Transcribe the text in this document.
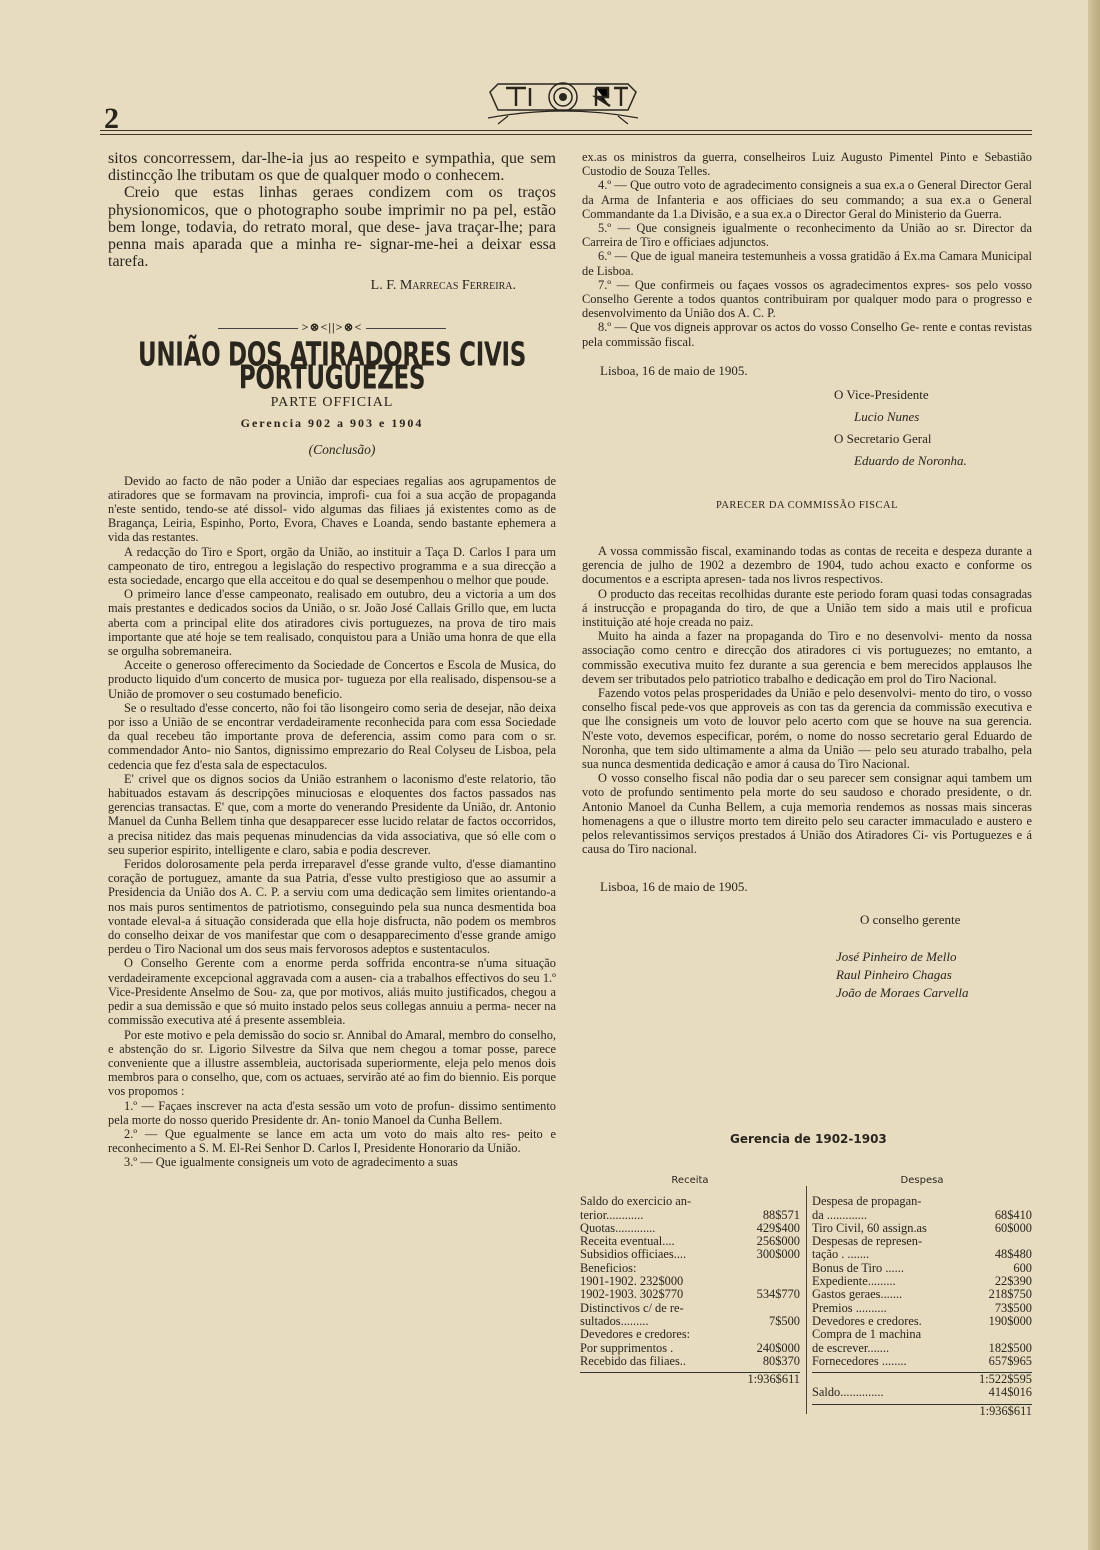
2

sitos concorressem, dar-lhe-ia jus ao respeito e sympathia, que sem distincção lhe tributam os que de qualquer modo o conhecem.

Creio que estas linhas geraes condizem com os traços physionomicos, que o photographo soube imprimir no pa pel, estão bem longe, todavia, do retrato moral, que dese- java traçar-lhe; para penna mais aparada que a minha re- signar-me-hei a deixar essa tarefa.

L. F. Marrecas Ferreira.
>⊗<||>⊗<
UNIÃO DOS ATIRADORES CIVIS PORTUGUEZES
PARTE OFFICIAL
Gerencia 902 a 903 e 1904
(Conclusão)

Devido ao facto de não poder a União dar especiaes regalias aos agrupamentos de atiradores que se formavam na provincia, improfi- cua foi a sua acção de propaganda n'este sentido, tendo-se até dissol- vido algumas das filiaes já existentes como as de Bragança, Leiria, Espinho, Porto, Evora, Chaves e Loanda, sendo bastante ephemera a vida das restantes.

A redacção do Tiro e Sport, orgão da União, ao instituir a Taça D. Carlos I para um campeonato de tiro, entregou a legislação do respectivo programma e a sua direcção a esta sociedade, encargo que ella acceitou e do qual se desempenhou o melhor que poude.

O primeiro lance d'esse campeonato, realisado em outubro, deu a victoria a um dos mais prestantes e dedicados socios da União, o sr. João José Callais Grillo que, em lucta aberta com a principal elite dos atiradores civis portuguezes, na prova de tiro mais importante que até hoje se tem realisado, conquistou para a União uma honra de que ella se orgulha sobremaneira.

Acceite o generoso offerecimento da Sociedade de Concertos e Escola de Musica, do producto liquido d'um concerto de musica por- tugueza por ella realisado, dispensou-se a União de promover o seu costumado beneficio.

Se o resultado d'esse concerto, não foi tão lisongeiro como seria de desejar, não deixa por isso a União de se encontrar verdadeiramente reconhecida para com essa Sociedade da qual recebeu tão importante prova de deferencia, assim como para com o sr. commendador Anto- nio Santos, dignissimo emprezario do Real Colyseu de Lisboa, pela cedencia que fez d'esta sala de espectaculos.

E' crivel que os dignos socios da União estranhem o laconismo d'este relatorio, tão habituados estavam ás descripções minuciosas e eloquentes dos factos passados nas gerencias transactas. E' que, com a morte do venerando Presidente da União, dr. Antonio Manuel da Cunha Bellem tinha que desapparecer esse lucido relatar de factos occorridos, a precisa nitidez das mais pequenas minudencias da vida associativa, que só elle com o seu superior espirito, intelligente e claro, sabia e podia descrever.

Feridos dolorosamente pela perda irreparavel d'esse grande vulto, d'esse diamantino coração de portuguez, amante da sua Patria, d'esse vulto prestigioso que ao assumir a Presidencia da União dos A. C. P. a serviu com uma dedicação sem limites orientando-a nos mais puros sentimentos de patriotismo, conseguindo pela sua nunca desmentida boa vontade eleval-a á situação considerada que ella hoje disfructa, não podem os membros do conselho deixar de vos manifestar que com o desapparecimento d'esse grande amigo perdeu o Tiro Nacional um dos seus mais fervorosos adeptos e sustentaculos.

O Conselho Gerente com a enorme perda soffrida encontra-se n'uma situação verdadeiramente excepcional aggravada com a ausen- cia a trabalhos effectivos do seu 1.º Vice-Presidente Anselmo de Sou- za, que por motivos, aliás muito justificados, chegou a pedir a sua demissão e que só muito instado pelos seus collegas annuiu a perma- necer na commissão executiva até á presente assembleia.

Por este motivo e pela demissão do socio sr. Annibal do Amaral, membro do conselho, e abstenção do sr. Ligorio Silvestre da Silva que nem chegou a tomar posse, parece conveniente que a illustre assembleia, auctorisada superiormente, eleja pelo menos dois membros para o conselho, que, com os actuaes, servirão até ao fim do biennio. Eis porque vos propomos :

1.º — Façaes inscrever na acta d'esta sessão um voto de profun- dissimo sentimento pela morte do nosso querido Presidente dr. An- tonio Manoel da Cunha Bellem.

2.º — Que egualmente se lance em acta um voto do mais alto res- peito e reconhecimento a S. M. El-Rei Senhor D. Carlos I, Presidente Honorario da União.

3.º — Que igualmente consigneis um voto de agradecimento a suas

ex.as os ministros da guerra, conselheiros Luiz Augusto Pimentel Pinto e Sebastião Custodio de Souza Telles.

4.º — Que outro voto de agradecimento consigneis a sua ex.a o General Director Geral da Arma de Infanteria e aos officiaes do seu commando; a sua ex.a o General Commandante da 1.a Divisão, e a sua ex.a o Director Geral do Ministerio da Guerra.

5.º — Que consigneis igualmente o reconhecimento da União ao sr. Director da Carreira de Tiro e officiaes adjunctos.

6.º — Que de igual maneira testemunheis a vossa gratidão á Ex.ma Camara Municipal de Lisboa.

7.º — Que confirmeis ou façaes vossos os agradecimentos expres- sos pelo vosso Conselho Gerente a todos quantos contribuiram por qualquer modo para o progresso e desenvolvimento da União dos A. C. P.

8.º — Que vos digneis approvar os actos do vosso Conselho Ge- rente e contas revistas pela commissão fiscal.

Lisboa, 16 de maio de 1905.
O Vice-Presidente
Lucio Nunes
O Secretario Geral
Eduardo de Noronha.
PARECER DA COMMISSÃO FISCAL

A vossa commissão fiscal, examinando todas as contas de receita e despeza durante a gerencia de julho de 1902 a dezembro de 1904, tudo achou exacto e conforme os documentos e a escripta apresen- tada nos livros respectivos.

O producto das receitas recolhidas durante este periodo foram quasi todas consagradas á instrucção e propaganda do tiro, de que a União tem sido a mais util e proficua instituição até hoje creada no paiz.

Muito ha ainda a fazer na propaganda do Tiro e no desenvolvi- mento da nossa associação como centro e direcção dos atiradores ci vis portuguezes; no emtanto, a commissão executiva muito fez durante a sua gerencia e bem merecidos applausos lhe devem ser tributados pelo patriotico trabalho e dedicação em prol do Tiro Nacional.

Fazendo votos pelas prosperidades da União e pelo desenvolvi- mento do tiro, o vosso conselho fiscal pede-vos que approveis as con tas da gerencia da commissão executiva e que lhe consigneis um voto de louvor pelo acerto com que se houve na sua gerencia. N'este voto, devemos especificar, porém, o nome do nosso secretario geral Eduardo de Noronha, que tem sido ultimamente a alma da União — pelo seu aturado trabalho, pela sua nunca desmentida dedicação e amor á causa do Tiro Nacional.

O vosso conselho fiscal não podia dar o seu parecer sem consignar aqui tambem um voto de profundo sentimento pela morte do seu saudoso e chorado presidente, o dr. Antonio Manoel da Cunha Bellem, a cuja memoria rendemos as nossas mais sinceras homenagens a que o illustre morto tem direito pelo seu caracter immaculado e austero e pelos relevantissimos serviços prestados á União dos Atiradores Ci- vis Portuguezes e á causa do Tiro nacional.

Lisboa, 16 de maio de 1905.
O conselho gerente
José Pinheiro de Mello
Raul Pinheiro Chagas
João de Moraes Carvella
Gerencia de 1902-1903
Receita
Saldo do exercicio an-
terior............	88$571
Quotas.............	429$400
Receita eventual....	256$000
Subsidios officiaes....	300$000
Beneficios:
1901-1902. 232$000
1902-1903. 302$770	534$770
Distinctivos c/ de re-
sultados.........	7$500
Devedores e credores:
Por supprimentos .	240$000
Recebido das filiaes..	80$370
1:936$611
Despesa
Despesa de propagan-
da .............	68$410
Tiro Civil, 60 assign.as	60$000
Despesas de represen-
tação . .......	48$480
Bonus de Tiro ......	600
Expediente.........	22$390
Gastos geraes.......	218$750
Premios ..........	73$500
Devedores e credores.	190$000
Compra de 1 machina
de escrever.......	182$500
Fornecedores ........	657$965
1:522$595
Saldo..............	414$016
1:936$611
